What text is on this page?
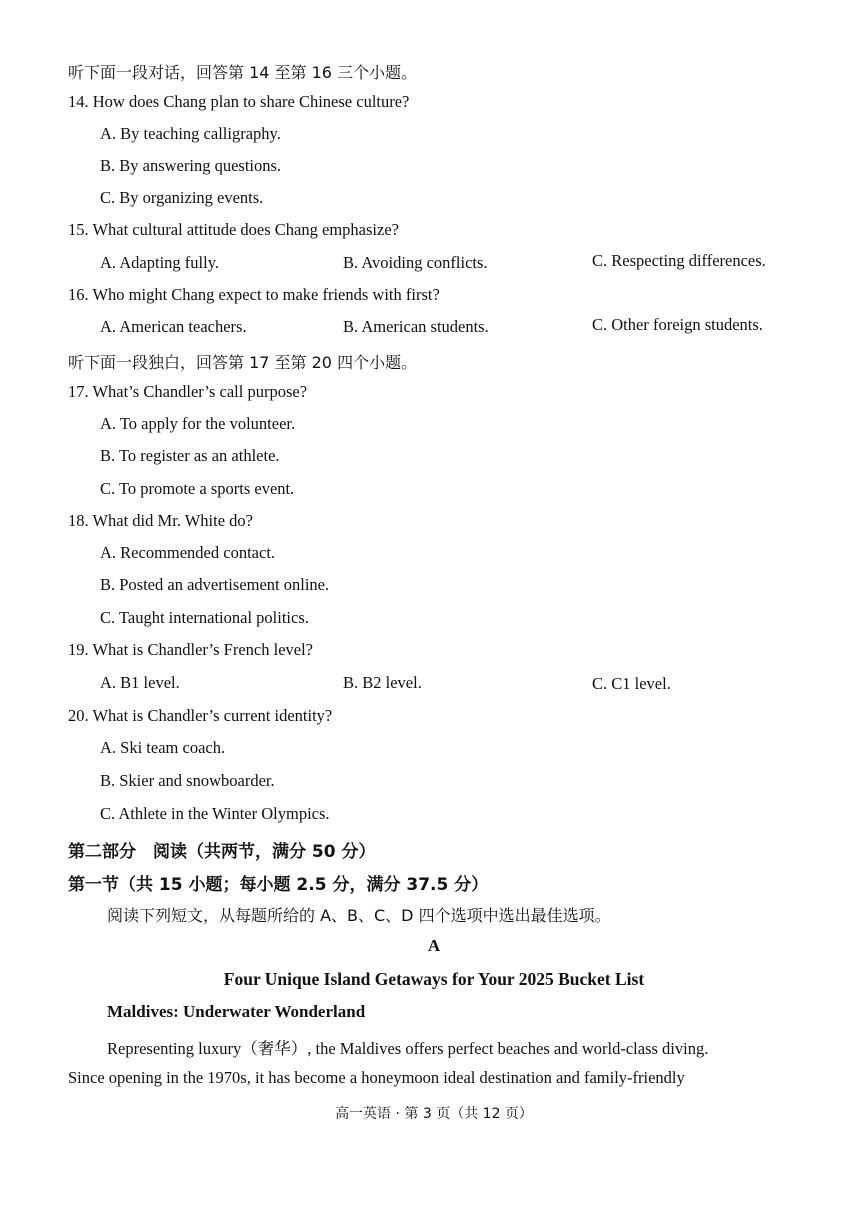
听下面一段对话，回答第 14 至第 16 三个小题。
14. How does Chang plan to share Chinese culture?
A. By teaching calligraphy.
B. By answering questions.
C. By organizing events.
15. What cultural attitude does Chang emphasize?
A. Adapting fully.	B. Avoiding conflicts.	C. Respecting differences.
16. Who might Chang expect to make friends with first?
A. American teachers.	B. American students.	C. Other foreign students.
听下面一段独白，回答第 17 至第 20 四个小题。
17. What’s Chandler’s call purpose?
A. To apply for the volunteer.
B. To register as an athlete.
C. To promote a sports event.
18. What did Mr. White do?
A. Recommended contact.
B. Posted an advertisement online.
C. Taught international politics.
19. What is Chandler’s French level?
A. B1 level.	B. B2 level.	C. C1 level.
20. What is Chandler’s current identity?
A. Ski team coach.
B. Skier and snowboarder.
C. Athlete in the Winter Olympics.
第二部分　阅读（共两节，满分 50 分）
第一节（共 15 小题；每小题 2.5 分，满分 37.5 分）
阅读下列短文，从每题所给的 A、B、C、D 四个选项中选出最佳选项。
A
Four Unique Island Getaways for Your 2025 Bucket List
Maldives: Underwater Wonderland
Representing luxury（奢华）, the Maldives offers perfect beaches and world-class diving.
Since opening in the 1970s, it has become a honeymoon ideal destination and family-friendly
高一英语 · 第 3 页（共 12 页）
